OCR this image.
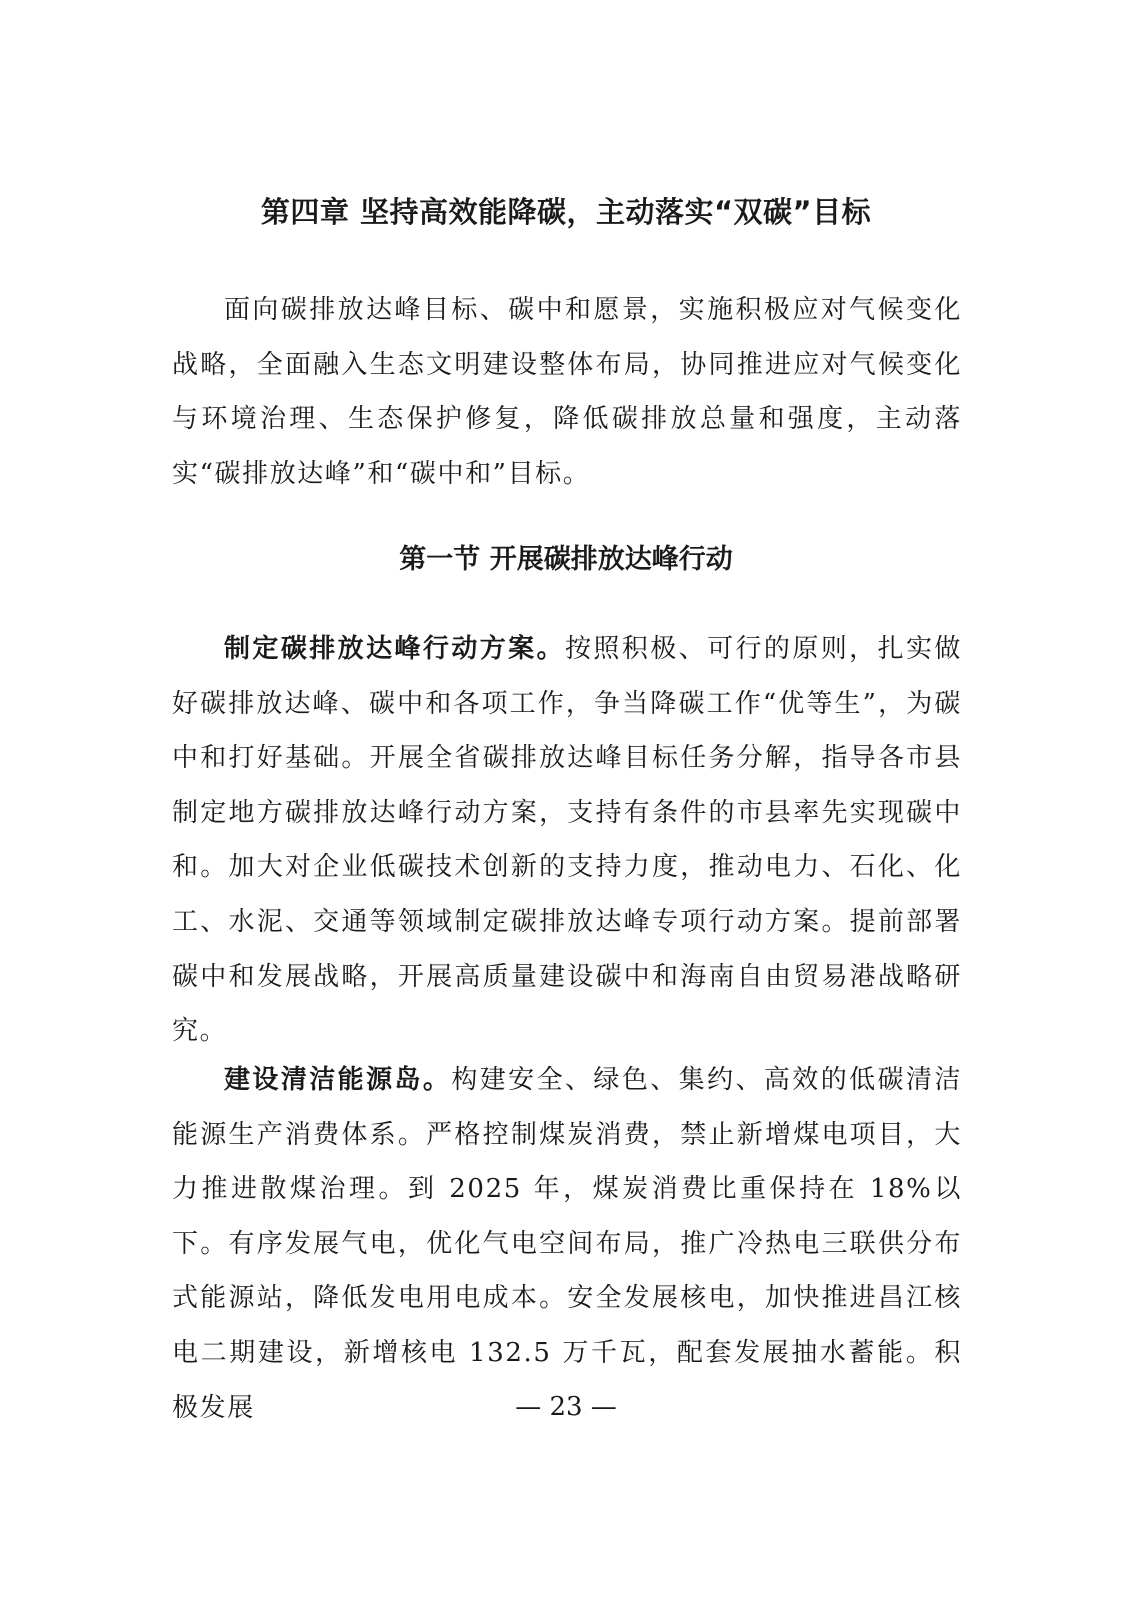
第四章 坚持高效能降碳，主动落实“双碳”目标

面向碳排放达峰目标、碳中和愿景，实施积极应对气候变化战略，全面融入生态文明建设整体布局，协同推进应对气候变化与环境治理、生态保护修复，降低碳排放总量和强度，主动落实“碳排放达峰”和“碳中和”目标。

第一节 开展碳排放达峰行动

制定碳排放达峰行动方案。按照积极、可行的原则，扎实做好碳排放达峰、碳中和各项工作，争当降碳工作“优等生”，为碳中和打好基础。开展全省碳排放达峰目标任务分解，指导各市县制定地方碳排放达峰行动方案，支持有条件的市县率先实现碳中和。加大对企业低碳技术创新的支持力度，推动电力、石化、化工、水泥、交通等领域制定碳排放达峰专项行动方案。提前部署碳中和发展战略，开展高质量建设碳中和海南自由贸易港战略研究。

建设清洁能源岛。构建安全、绿色、集约、高效的低碳清洁能源生产消费体系。严格控制煤炭消费，禁止新增煤电项目，大力推进散煤治理。到 2025 年，煤炭消费比重保持在 18%以下。有序发展气电，优化气电空间布局，推广冷热电三联供分布式能源站，降低发电用电成本。安全发展核电，加快推进昌江核电二期建设，新增核电 132.5 万千瓦，配套发展抽水蓄能。积极发展	— 23 —
